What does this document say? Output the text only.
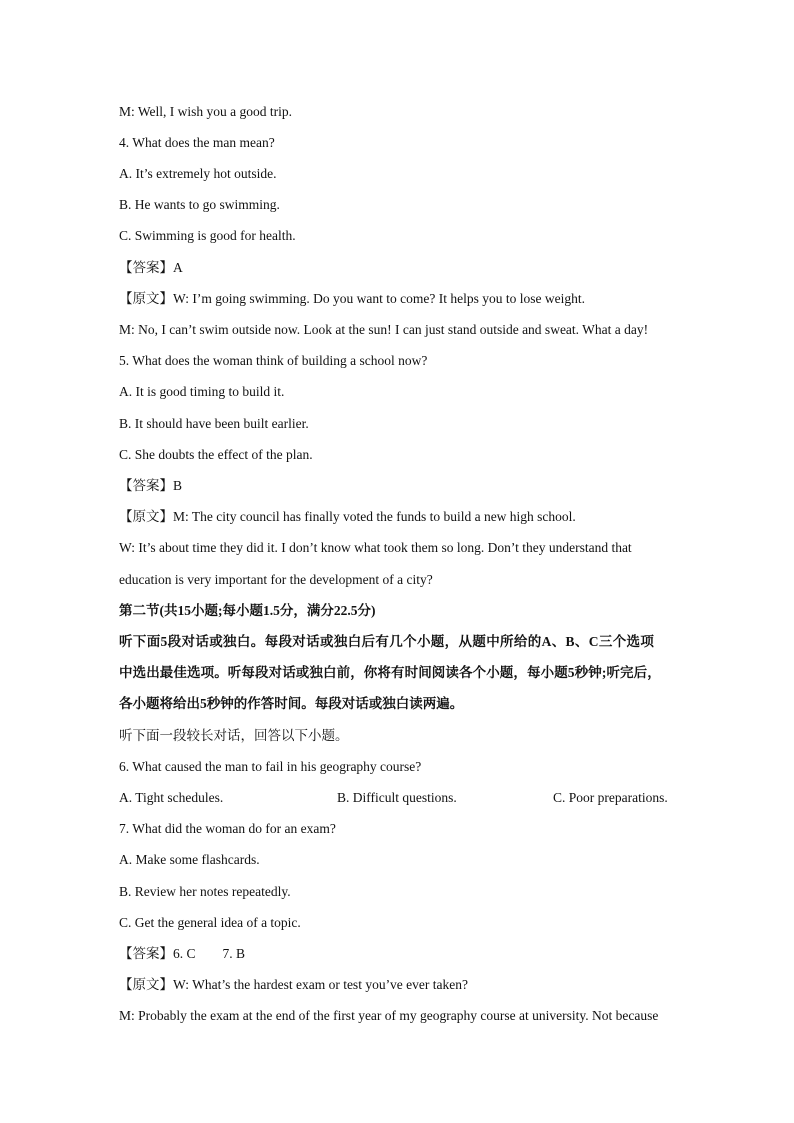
M: Well, I wish you a good trip.
4. What does the man mean?
A. It’s extremely hot outside.
B. He wants to go swimming.
C. Swimming is good for health.
【答案】A
【原文】W: I’m going swimming. Do you want to come? It helps you to lose weight.
M: No, I can’t swim outside now. Look at the sun! I can just stand outside and sweat. What a day!
5. What does the woman think of building a school now?
A. It is good timing to build it.
B. It should have been built earlier.
C. She doubts the effect of the plan.
【答案】B
【原文】M: The city council has finally voted the funds to build a new high school.
W: It’s about time they did it. I don’t know what took them so long. Don’t they understand that
education is very important for the development of a city?
第二节(共15小题;每小题1.5分，满分22.5分)
听下面5段对话或独白。每段对话或独白后有几个小题，从题中所给的A、B、C三个选项
中选出最佳选项。听每段对话或独白前，你将有时间阅读各个小题，每小题5秒钟;听完后，
各小题将给出5秒钟的作答时间。每段对话或独白读两遍。
听下面一段较长对话，回答以下小题。
6. What caused the man to fail in his geography course?
A. Tight schedules.	B. Difficult questions.	C. Poor preparations.
7. What did the woman do for an exam?
A. Make some flashcards.
B. Review her notes repeatedly.
C. Get the general idea of a topic.
【答案】6. C        7. B
【原文】W: What’s the hardest exam or test you’ve ever taken?
M: Probably the exam at the end of the first year of my geography course at university. Not because
